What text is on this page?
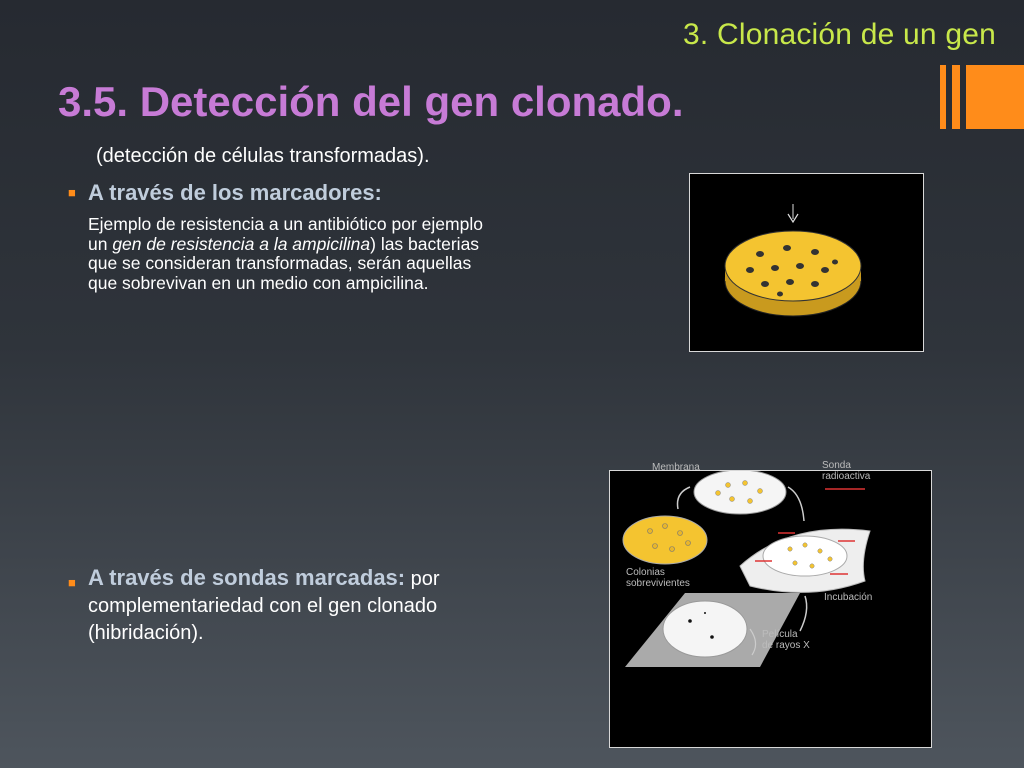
3. Clonación de un gen
3.5. Detección del gen clonado.
(detección de células transformadas).
■ A través de los marcadores:
Ejemplo de resistencia a un antibiótico por ejemplo un gen de resistencia a la ampicilina) las bacterias que se consideran transformadas, serán aquellas que sobrevivan en un medio con ampicilina.
■ A través de sondas marcadas: por complementariedad con el gen clonado (hibridación).
Membrana	Sonda
radioactiva
Colonias
sobrevivientes
Incubación
Película
de rayos X
